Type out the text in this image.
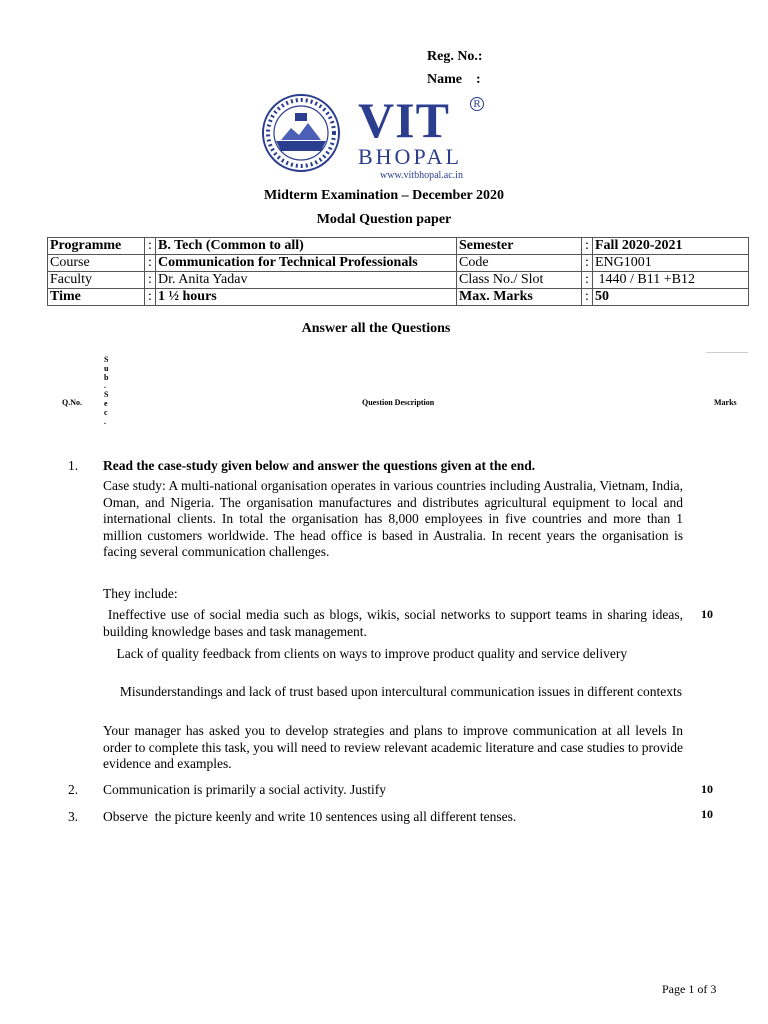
Reg. No.:
Name    :
VIT	R
BHOPAL
www.vitbhopal.ac.in
Midterm Examination – December 2020
Modal Question paper
Programme	:	B. Tech (Common to all)	Semester	:	Fall 2020-2021
Course	:	Communication for Technical Professionals	Code	:	ENG1001
Faculty	:	Dr. Anita Yadav	Class No./ Slot	:	1440 / B11 +B12
Time	:	1 ½ hours	Max. Marks	:	50
Answer all the Questions
Q.No.
S u b . S e c .
Question Description	Marks
1. Read the case-study given below and answer the questions given at the end.
Case study: A multi-national organisation operates in various countries including Australia, Vietnam, India, Oman, and Nigeria. The organisation manufactures and distributes agricultural equipment to local and international clients. In total the organisation has 8,000 employees in five countries and more than 1 million customers worldwide. The head office is based in Australia. In recent years the organisation is facing several communication challenges.
They include:
Ineffective use of social media such as blogs, wikis, social networks to support teams in sharing ideas, building knowledge bases and task management.
Lack of quality feedback from clients on ways to improve product quality and service delivery
Misunderstandings and lack of trust based upon intercultural communication issues in different contexts
Your manager has asked you to develop strategies and plans to improve communication at all levels In order to complete this task, you will need to review relevant academic literature and case studies to provide evidence and examples.
10
2. Communication is primarily a social activity. Justify	10
3. Observe  the picture keenly and write 10 sentences using all different tenses.	10
Page 1 of 3
